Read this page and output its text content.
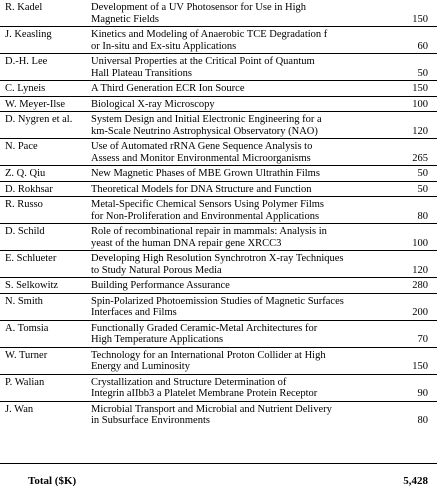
R. Kadel	Development of a UV Photosensor for Use in High
Magnetic Fields	150
J. Keasling	Kinetics and Modeling of Anaerobic TCE Degradation f
or In-situ and Ex-situ Applications	60
D.-H. Lee	Universal Properties at the Critical Point of Quantum
Hall Plateau Transitions	50
C. Lyneis	A Third Generation ECR Ion Source	150
W. Meyer-Ilse	Biological X-ray Microscopy	100
D. Nygren et al.	System Design and Initial Electronic Engineering for a
km-Scale Neutrino Astrophysical Observatory (NAO)	120
N. Pace	Use of Automated rRNA Gene Sequence Analysis to
Assess and Monitor Environmental Microorganisms	265
Z. Q. Qiu	New Magnetic Phases of MBE Grown Ultrathin Films	50
D. Rokhsar	Theoretical Models for DNA Structure and Function	50
R. Russo	Metal-Specific Chemical Sensors Using Polymer Films
for Non-Proliferation and Environmental Applications	80
D. Schild	Role of recombinational repair in mammals: Analysis in
yeast of the human DNA repair gene XRCC3	100
E. Schlueter	Developing High Resolution Synchrotron X-ray Techniques
to Study Natural Porous Media	120
S. Selkowitz	Building Performance Assurance	280
N. Smith	Spin-Polarized Photoemission Studies of Magnetic Surfaces
Interfaces and Films	200
A. Tomsia	Functionally Graded Ceramic-Metal Architectures for
High Temperature Applications	70
W. Turner	Technology for an International Proton Collider at High
Energy and Luminosity	150
P. Walian	Crystallization and Structure Determination of
Integrin aIIbb3 a Platelet Membrane Protein Receptor	90
J. Wan	Microbial Transport and Microbial and Nutrient Delivery
in Subsurface Environments	80
Total ($K)	5,428
